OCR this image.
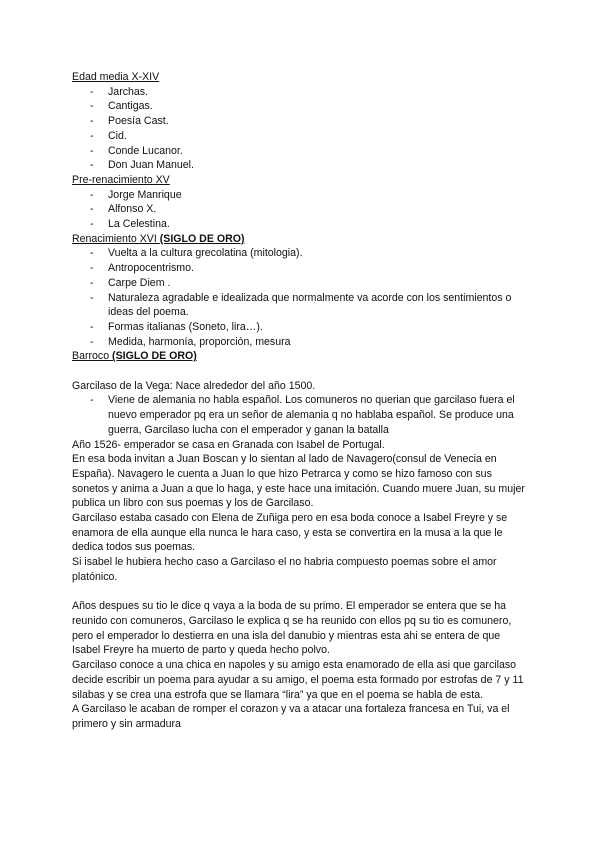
Edad media X-XIV
- Jarchas.
- Cantigas.
- Poesía Cast.
- Cid.
- Conde Lucanor.
- Don Juan Manuel.
Pre-renacimiento XV
- Jorge Manrique
- Alfonso X.
- La Celestina.
Renacimiento XVI (SIGLO DE ORO)
- Vuelta a la cultura grecolatina (mitologia).
- Antropocentrismo.
- Carpe Diem .
- Naturaleza agradable e idealizada que normalmente va acorde con los sentimientos o ideas del poema.
- Formas italianas (Soneto, lira…).
- Medida, harmonía, proporción, mesura
Barroco (SIGLO DE ORO)

Garcilaso de la Vega: Nace alrededor del año 1500.

- Viene de alemania no habla español. Los comuneros no querian que garcilaso fuera el nuevo emperador pq era un señor de alemania q no hablaba español. Se produce una guerra, Garcilaso lucha con el emperador y ganan la batalla

Año 1526- emperador se casa en Granada con Isabel de Portugal.

En esa boda invitan a Juan Boscan y lo sientan al lado de Navagero(consul de Venecia en España). Navagero le cuenta a Juan lo que hizo Petrarca y como se hizo famoso con sus sonetos y anima a Juan a que lo haga, y este hace una imitación. Cuando muere Juan, su mujer publica un libro con sus poemas y los de Garcilaso.

Garcilaso estaba casado con Elena de Zuñiga pero en esa boda conoce a Isabel Freyre y se enamora de ella aunque ella nunca le hara caso, y esta se convertira en la musa a la que le dedica todos sus poemas.

Si isabel le hubiera hecho caso a Garcilaso el no habria compuesto poemas sobre el amor platónico.

Años despues su tio le dice q vaya a la boda de su primo. El emperador se entera que se ha reunido con comuneros, Garcilaso le explica q se ha reunido con ellos pq su tio es comunero, pero el emperador lo destierra en una isla del danubio y mientras esta ahi se entera de que Isabel Freyre ha muerto de parto y queda hecho polvo.

Garcilaso conoce a una chica en napoles y su amigo esta enamorado de ella asi que garcilaso decide escribir un poema para ayudar a su amigo, el poema esta formado por estrofas de 7 y 11 silabas y se crea una estrofa que se llamara “lira” ya que en el poema se habla de esta.

A Garcilaso le acaban de romper el corazon y va a atacar una fortaleza francesa en Tui, va el primero y sin armadura
